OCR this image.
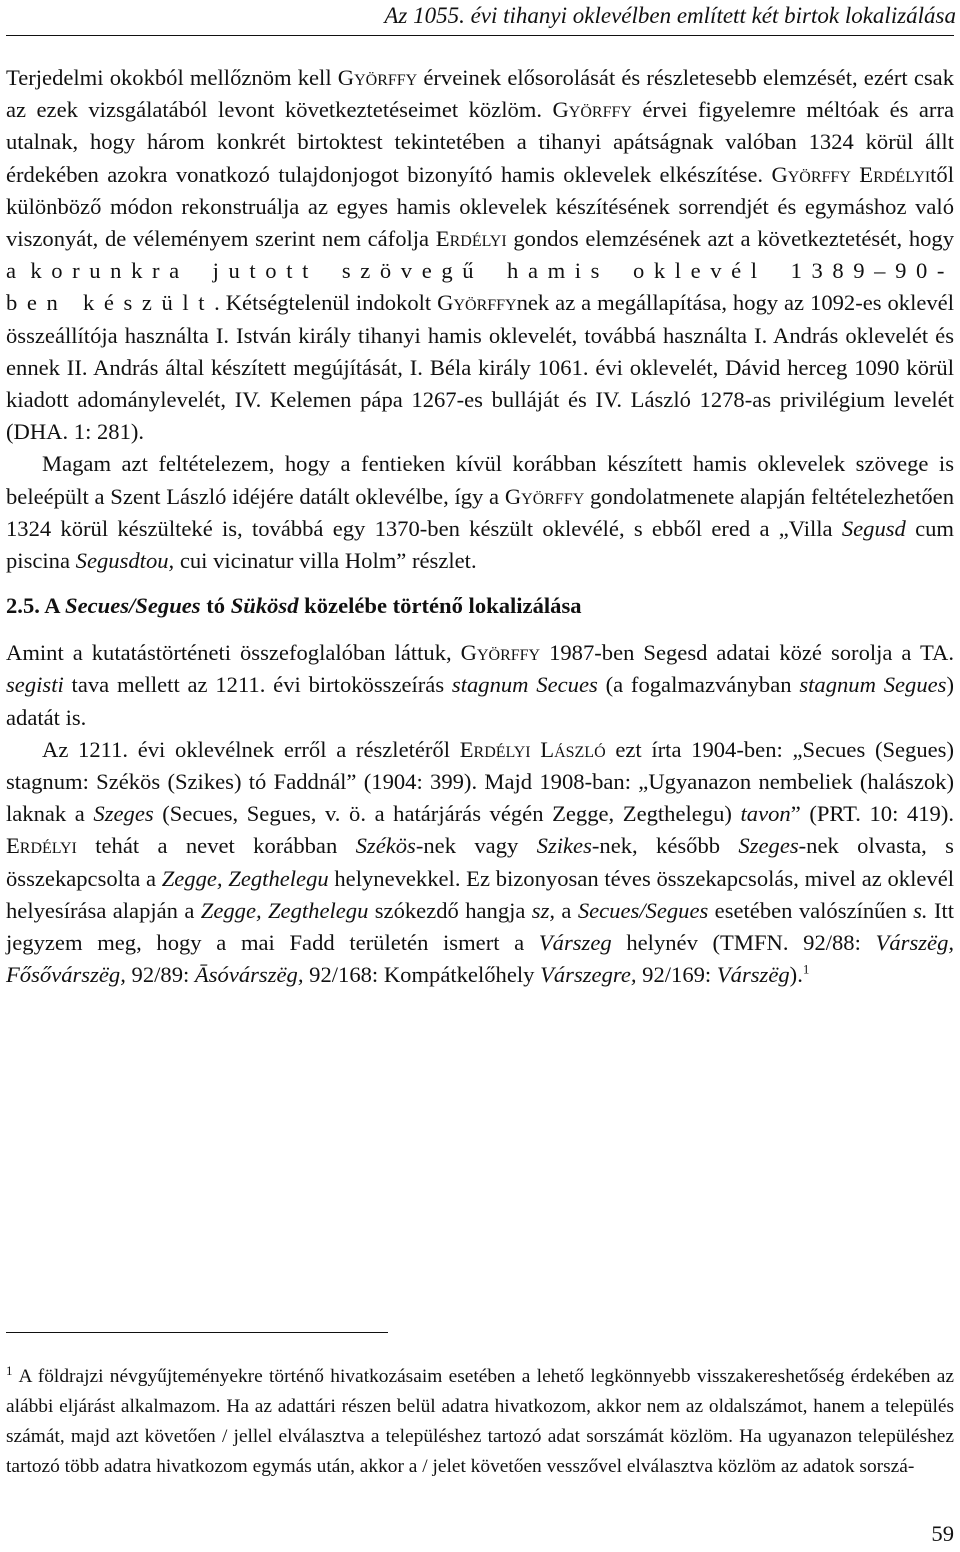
Az 1055. évi tihanyi oklevélben említett két birtok lokalizálása

Terjedelmi okokból mellőznöm kell Györffy érveinek elősorolását és részletesebb elemzését, ezért csak az ezek vizsgálatából levont következtetéseimet közlöm. Györffy érvei figyelemre méltóak és arra utalnak, hogy három konkrét birtoktest tekintetében a tihanyi apátságnak valóban 1324 körül állt érdekében azokra vonatkozó tulajdonjogot bizonyító hamis oklevelek elkészítése. Györffy Erdélyitől különböző módon rekonstruálja az egyes hamis oklevelek készítésének sorrendjét és egymáshoz való viszonyát, de véleményem szerint nem cáfolja Erdélyi gondos elemzésének azt a következtetését, hogy a korunkra jutott szövegű hamis oklevél 1389–90-ben készült. Kétségtelenül indokolt Györffynek az a megállapítása, hogy az 1092-es oklevél összeállítója használta I. István király tihanyi hamis oklevelét, továbbá használta I. András oklevelét és ennek II. András által készített megújítását, I. Béla király 1061. évi oklevelét, Dávid herceg 1090 körül kiadott adománylevelét, IV. Kelemen pápa 1267-es bulláját és IV. László 1278-as privilégium levelét (DHA. 1: 281).

Magam azt feltételezem, hogy a fentieken kívül korábban készített hamis oklevelek szövege is beleépült a Szent László idéjére datált oklevélbe, így a Györffy gondolatmenete alapján feltételezhetően 1324 körül készülteké is, továbbá egy 1370-ben készült oklevélé, s ebből ered a „Villa Segusd cum piscina Segusdtou, cui vicinatur villa Holm” részlet.

2.5. A Secues/Segues tó Sükösd közelébe történő lokalizálása

Amint a kutatástörténeti összefoglalóban láttuk, Györffy 1987-ben Segesd adatai közé sorolja a TA. segisti tava mellett az 1211. évi birtokösszeírás stagnum Secues (a fogalmazványban stagnum Segues) adatát is.

Az 1211. évi oklevélnek erről a részletéről Erdélyi László ezt írta 1904-ben: „Secues (Segues) stagnum: Székös (Szikes) tó Faddnál” (1904: 399). Majd 1908-ban: „Ugyanazon nembeliek (halászok) laknak a Szeges (Secues, Segues, v. ö. a határjárás végén Zegge, Zegthelegu) tavon” (PRT. 10: 419). Erdélyi tehát a nevet korábban Székös-nek vagy Szikes-nek, később Szeges-nek olvasta, s összekapcsolta a Zegge, Zegthelegu helynevekkel. Ez bizonyosan téves összekapcsolás, mivel az oklevél helyesírása alapján a Zegge, Zegthelegu szókezdő hangja sz, a Secues/Segues esetében valószínűen s. Itt jegyzem meg, hogy a mai Fadd területén ismert a Várszeg helynév (TMFN. 92/88: Várszëg, Fősővárszëg, 92/89: Āsóvárszëg, 92/168: Kompátkelőhely Várszegre, 92/169: Várszëg).$^1$

$^1$ A földrajzi névgyűjteményekre történő hivatkozásaim esetében a lehető legkönnyebb visszakereshetőség érdekében az alábbi eljárást alkalmazom. Ha az adattári részen belül adatra hivatkozom, akkor nem az oldalszámot, hanem a település számát, majd azt követően / jellel elválasztva a településhez tartozó adat sorszámát közlöm. Ha ugyanazon településhez tartozó több adatra hivatkozom egymás után, akkor a / jelet követően vesszővel elválasztva közlöm az adatok sorszá-

59
